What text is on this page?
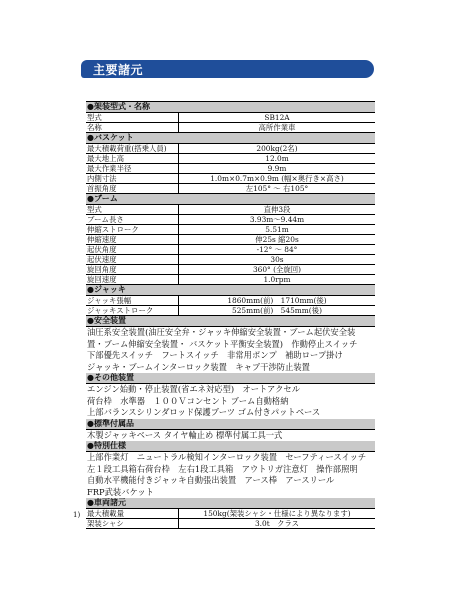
主要諸元
●架装型式・名称
型式	SB12A
名称	高所作業車
●バスケット
最大積載荷重(搭乗人員)	200kg(2名)
最大地上高	12.0m
最大作業半径	9.9m
内側寸法	1.0m×0.7m×0.9m (幅×奥行き×高さ)
首振角度	左105° ～ 右105°
●ブーム
型式	直伸3段
ブーム長さ	3.93m～9.44m
伸縮ストローク	5.51m
伸縮速度	伸25s 縮20s
起伏角度	-12° ～ 84°
起伏速度	30s
旋回角度	360° (全旋回)
旋回速度	1.0rpm
●ジャッキ
ジャッキ張幅	1860mm(前)　1710mm(後)
ジャッキストローク	525mm(前)　545mm(後)
●安全装置
油圧系安全装置(油圧安全弁・ジャッキ伸縮安全装置・ブーム起伏安全装
置・ブーム伸縮安全装置・ バスケット平衡安全装置)　作動停止スイッチ
下部優先スイッチ　フートスイッチ　非常用ポンプ　補助ロープ掛け
ジャッキ・ブームインターロック装置　キャブ干渉防止装置
●その他装置
エンジン始動・停止装置(省エネ対応型)　オートアクセル
荷台枠　水準器　１００Ｖコンセント ブーム自動格納
上部バランスシリンダロッド保護ブーツ ゴム付きパットベース
●標準付属品
木製ジャッキベース タイヤ輪止め 標準付属工具一式
●特別仕様
上部作業灯　ニュートラル検知インターロック装置　セーフティースイッチ
左１段工具箱右荷台枠　左右1段工具箱　アウトリガ注意灯　操作部照明
自動水平機能付きジャッキ自動張出装置　アース棒　アースリール
FRP武装バケット
●車両諸元
最大積載量	150kg(架装シャシ・仕様により異なります)
架装シャシ	3.0t　クラス
1)
